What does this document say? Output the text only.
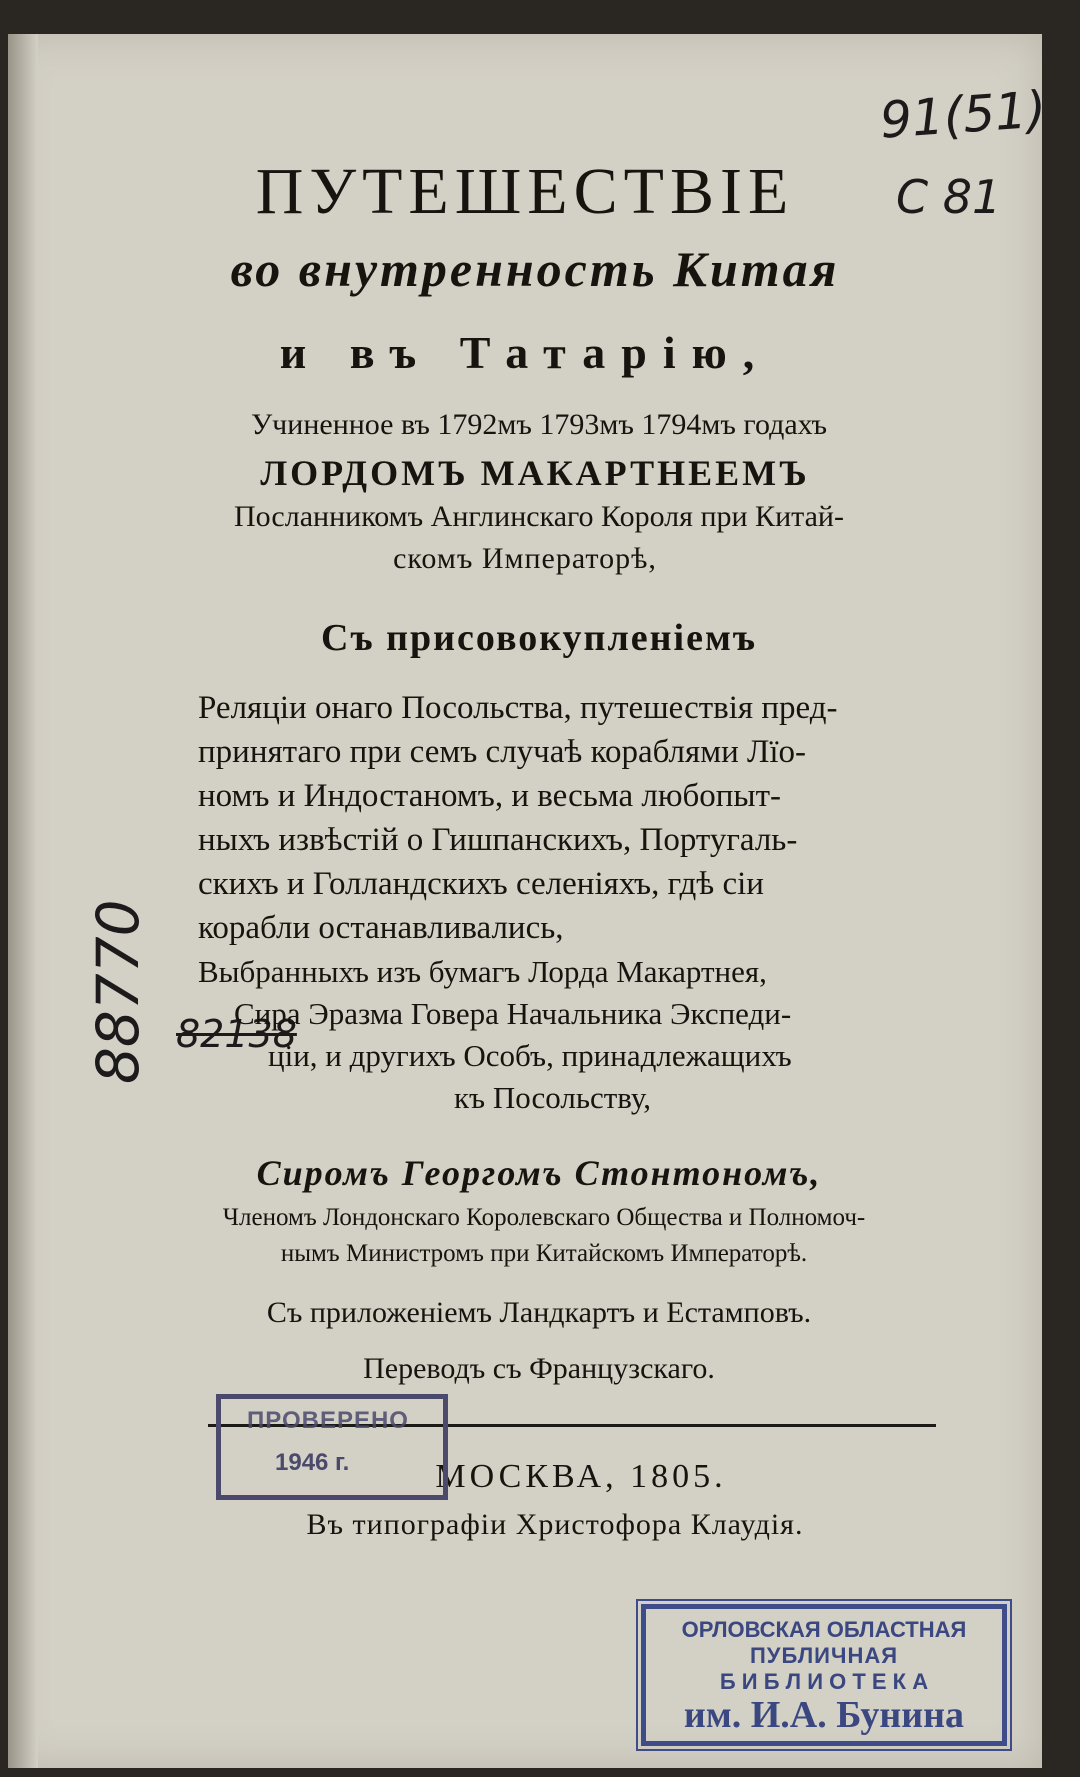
91(51)
С 81
88770 82138
ПУТЕШЕСТВІЕ
во внутренность Китая
и въ Татарію,
Учиненное въ 1792мъ 1793мъ 1794мъ годахъ
ЛОРДОМЪ МАКАРТНЕЕМЪ
Посланникомъ Англинскаго Короля при Китай-
скомъ Императорѣ,
Съ присовокупленіемъ
Реляціи онаго Посольства, путешествія пред-
принятаго при семъ случаѣ кораблями Лїо-
номъ и Индостаномъ, и весьма любопыт-
ныхъ извѣстій о Гишпанскихъ, Португаль-
скихъ и Голландскихъ селеніяхъ, гдѣ сіи
корабли останавливались,
Выбранныхъ изъ бумагъ Лорда Макартнея,
Сира Эразма Говера Начальника Экспеди-
ціи, и другихъ Особъ, принадлежащихъ
къ Посольству,
Сиромъ Георгомъ Стонтономъ,
Членомъ Лондонскаго Королевскаго Общества и Полномоч-
нымъ Министромъ при Китайскомъ Императорѣ.
Съ приложеніемъ Ландкартъ и Естамповъ.
Переводъ съ Французскаго.
МОСКВА, 1805.
Въ типографіи Христофора Клаудія.
ПРОВЕРЕНО
1946 г.
ОРЛОВСКАЯ ОБЛАСТНАЯ
ПУБЛИЧНАЯ
Б И Б Л И О Т Е К А
им. И.А. Бунина
